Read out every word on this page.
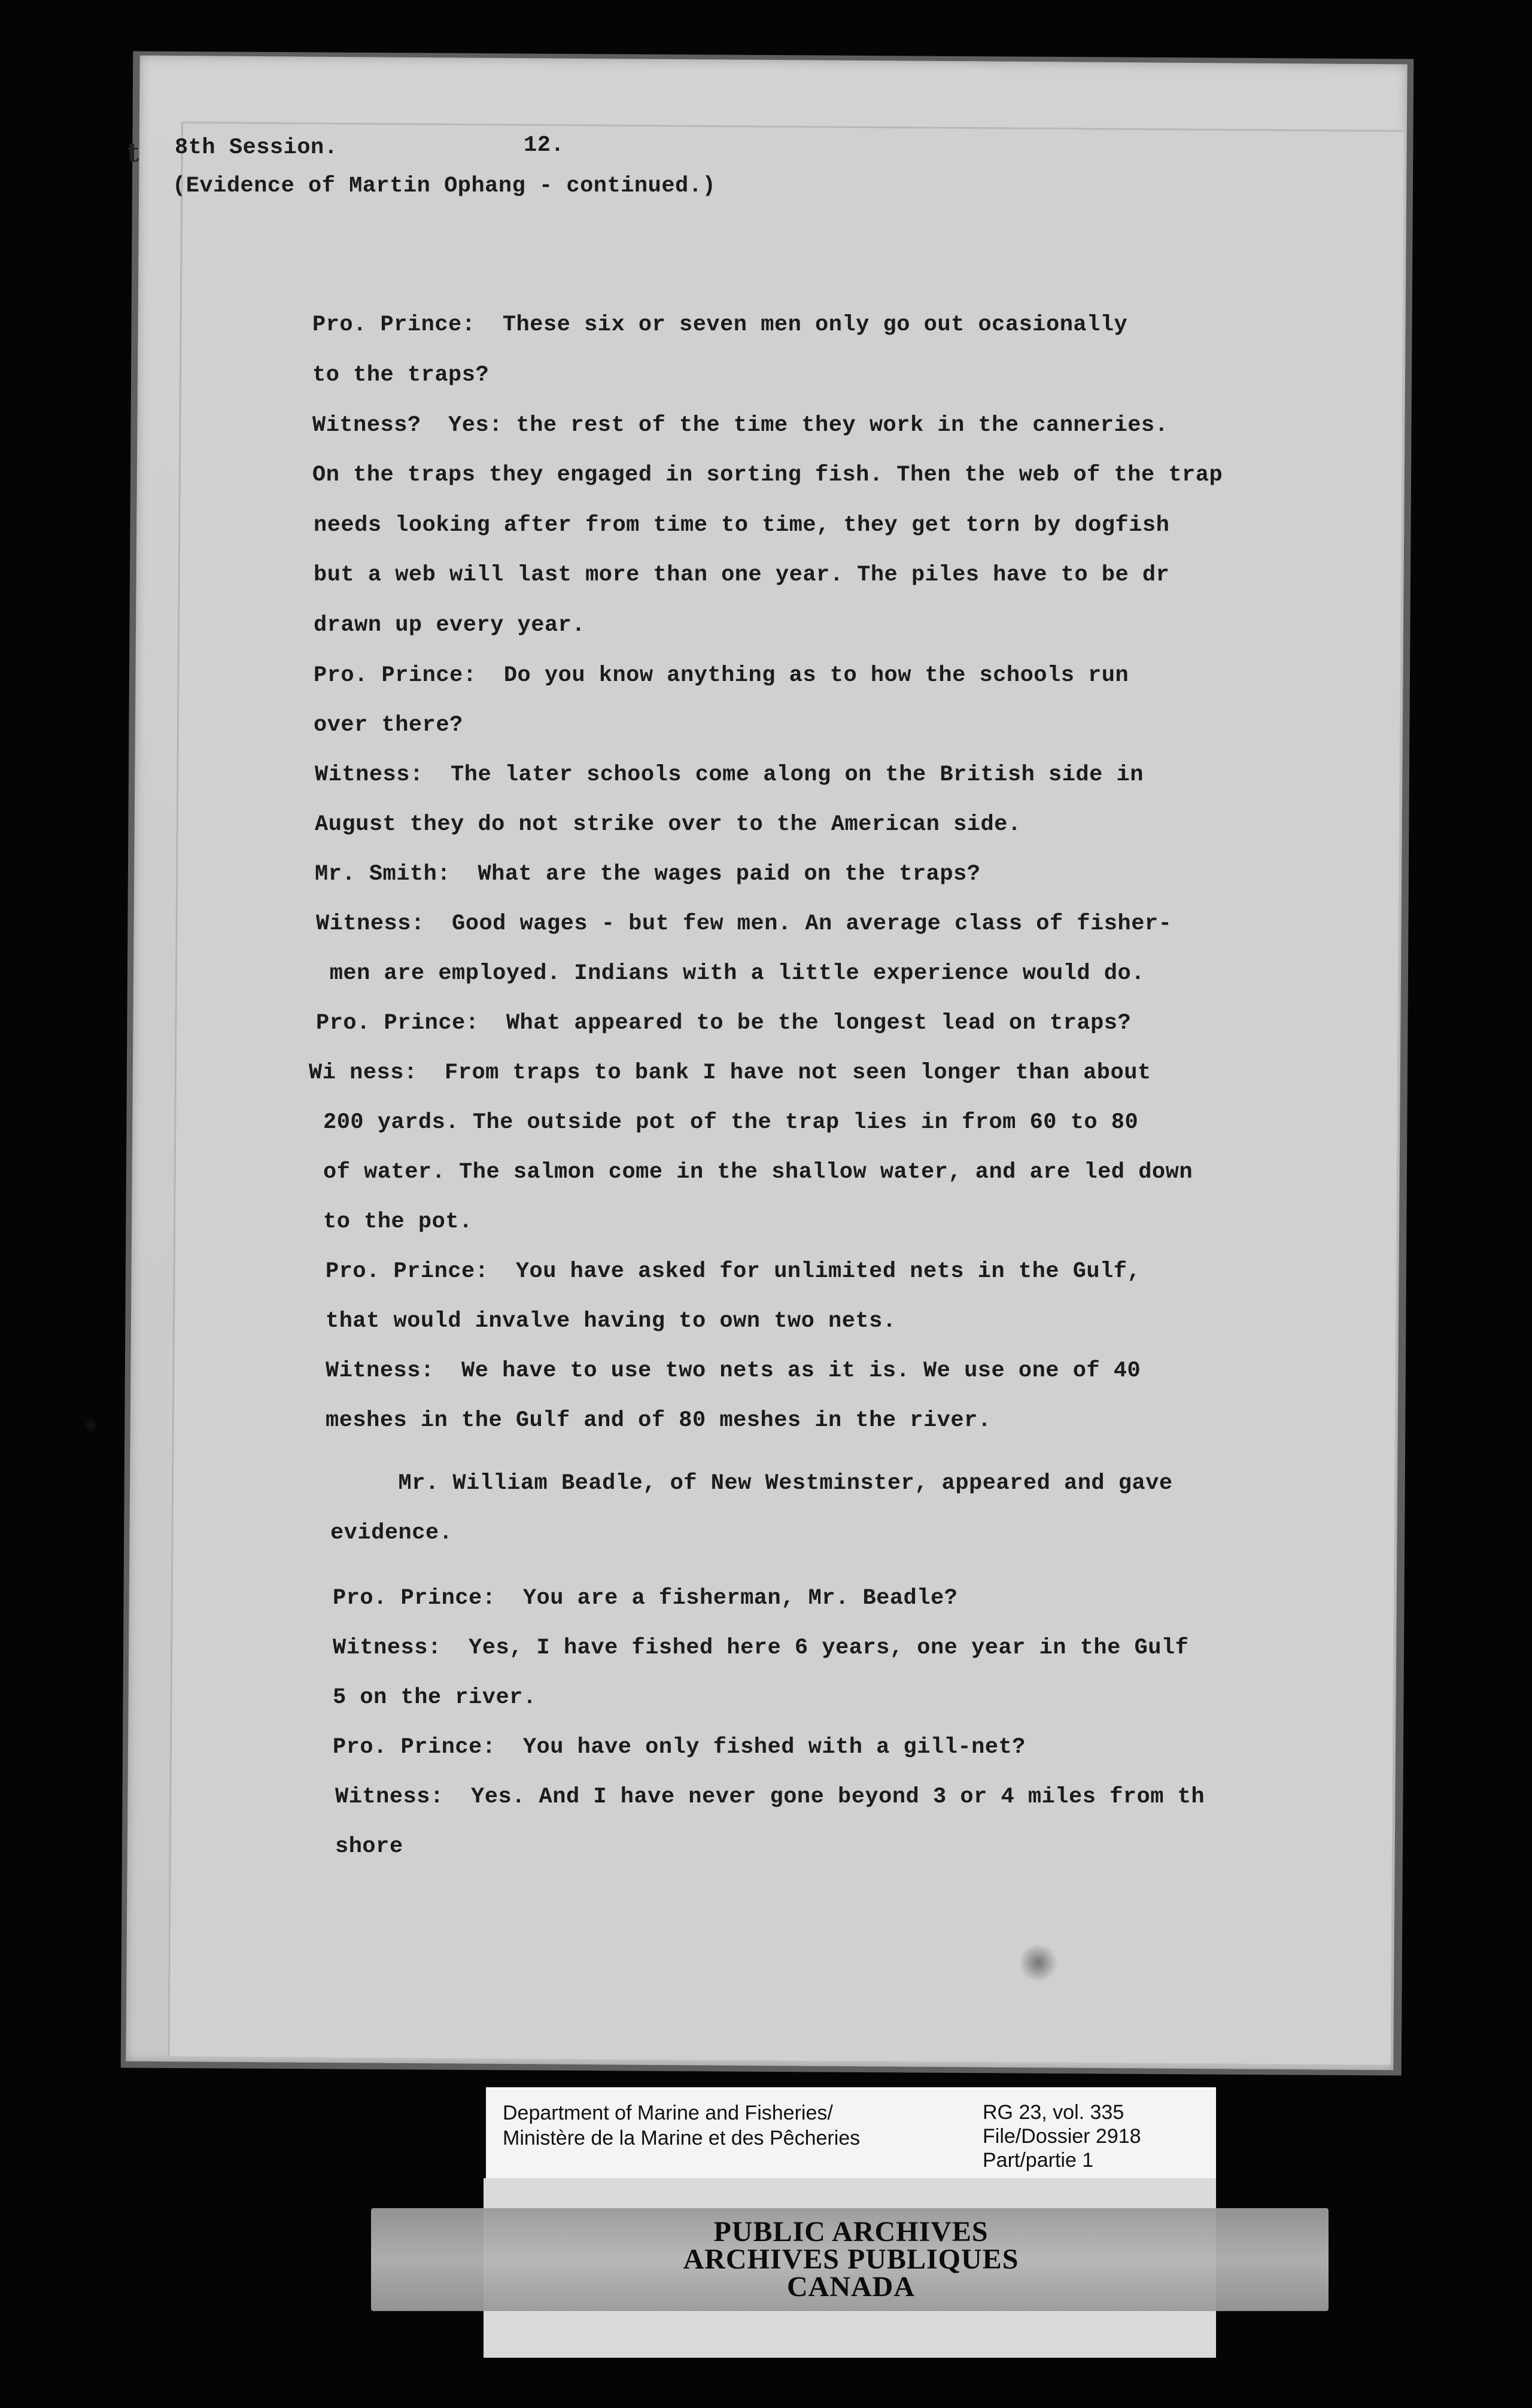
t 8th Session.	12.
(Evidence of Martin Ophang - continued.)
Pro. Prince:  These six or seven men only go out ocasionally
to the traps?
Witness?  Yes: the rest of the time they work in the canneries.
On the traps they engaged in sorting fish. Then the web of the trap
needs looking after from time to time, they get torn by dogfish
but a web will last more than one year. The piles have to be dr
drawn up every year.
Pro. Prince:  Do you know anything as to how the schools run
over there?
Witness:  The later schools come along on the British side in
August they do not strike over to the American side.
Mr. Smith:  What are the wages paid on the traps?
Witness:  Good wages - but few men. An average class of fisher-
men are employed. Indians with a little experience would do.
Pro. Prince:  What appeared to be the longest lead on traps?
Wi ness:  From traps to bank I have not seen longer than about
200 yards. The outside pot of the trap lies in from 60 to 80
of water. The salmon come in the shallow water, and are led down
to the pot.
Pro. Prince:  You have asked for unlimited nets in the Gulf,
that would invalve having to own two nets.
Witness:  We have to use two nets as it is. We use one of 40
meshes in the Gulf and of 80 meshes in the river.
Mr. William Beadle, of New Westminster, appeared and gave
evidence.
Pro. Prince:  You are a fisherman, Mr. Beadle?
Witness:  Yes, I have fished here 6 years, one year in the Gulf
5 on the river.
Pro. Prince:  You have only fished with a gill-net?
Witness:  Yes. And I have never gone beyond 3 or 4 miles from th
shore
Department of Marine and Fisheries/
Ministère de la Marine et des Pêcheries
RG 23, vol. 335
File/Dossier 2918
Part/partie 1
PUBLIC ARCHIVES
ARCHIVES PUBLIQUES
CANADA
